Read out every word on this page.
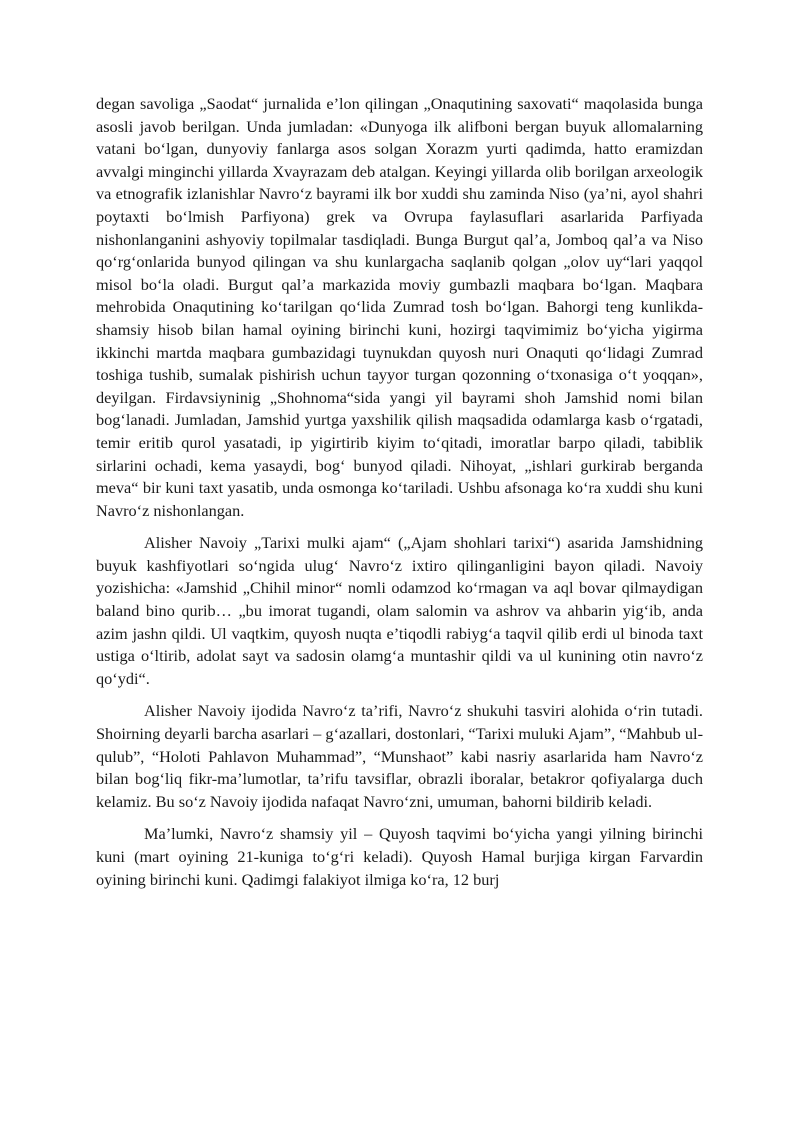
degan savoliga „Saodat“ jurnalida e’lon qilingan „Onaqutining saxovati“ maqolasida bunga asosli javob berilgan. Unda jumladan: «Dunyoga ilk alifboni bergan buyuk allomalarning vatani bo‘lgan, dunyoviy fanlarga asos solgan Xorazm yurti qadimda, hatto eramizdan avvalgi minginchi yillarda Xvayrazam deb atalgan. Keyingi yillarda olib borilgan arxeologik va etnografik izlanishlar Navro‘z bayrami ilk bor xuddi shu zaminda Niso (ya’ni, ayol shahri poytaxti bo‘lmish Parfiyona) grek va Ovrupa faylasuflari asarlarida Parfiyada nishonlanganini ashyoviy topilmalar tasdiqladi. Bunga Burgut qal’a, Jomboq qal’a va Niso qo‘rg‘onlarida bunyod qilingan va shu kunlargacha saqlanib qolgan „olov uy“lari yaqqol misol bo‘la oladi. Burgut qal’a markazida moviy gumbazli maqbara bo‘lgan. Maqbara mehrobida Onaqutining ko‘tarilgan qo‘lida Zumrad tosh bo‘lgan. Bahorgi teng kunlikda-shamsiy hisob bilan hamal oyining birinchi kuni, hozirgi taqvimimiz bo‘yicha yigirma ikkinchi martda maqbara gumbazidagi tuynukdan quyosh nuri Onaquti qo‘lidagi Zumrad toshiga tushib, sumalak pishirish uchun tayyor turgan qozonning o‘txonasiga o‘t yoqqan», deyilgan. Firdavsiyninig „Shohnoma“sida yangi yil bayrami shoh Jamshid nomi bilan bog‘lanadi. Jumladan, Jamshid yurtga yaxshilik qilish maqsadida odamlarga kasb o‘rgatadi, temir eritib qurol yasatadi, ip yigirtirib kiyim to‘qitadi, imoratlar barpo qiladi, tabiblik sirlarini ochadi, kema yasaydi, bog‘ bunyod qiladi. Nihoyat, „ishlari gurkirab berganda meva“ bir kuni taxt yasatib, unda osmonga ko‘tariladi. Ushbu afsonaga ko‘ra xuddi shu kuni Navro‘z nishonlangan.

Alisher Navoiy „Tarixi mulki ajam“ („Ajam shohlari tarixi“) asarida Jamshidning buyuk kashfiyotlari so‘ngida ulug‘ Navro‘z ixtiro qilinganligini bayon qiladi. Navoiy yozishicha: «Jamshid „Chihil minor“ nomli odamzod ko‘rmagan va aql bovar qilmaydigan baland bino qurib… „bu imorat tugandi, olam salomin va ashrov va ahbarin yig‘ib, anda azim jashn qildi. Ul vaqtkim, quyosh nuqta e’tiqodli rabiyg‘a taqvil qilib erdi ul binoda taxt ustiga o‘ltirib, adolat sayt va sadosin olamg‘a muntashir qildi va ul kunining otin navro‘z qo‘ydi“.

Alisher Navoiy ijodida Navro‘z ta’rifi, Navro‘z shukuhi tasviri alohida o‘rin tutadi. Shoirning deyarli barcha asarlari – g‘azallari, dostonlari, “Tarixi muluki Ajam”, “Mahbub ul-qulub”, “Holoti Pahlavon Muhammad”, “Munshaot” kabi nasriy asarlarida ham Navro‘z bilan bog‘liq fikr-ma’lumotlar, ta’rifu tavsiflar, obrazli iboralar, betakror qofiyalarga duch kelamiz. Bu so‘z Navoiy ijodida nafaqat Navro‘zni, umuman, bahorni bildirib keladi.

Ma’lumki, Navro‘z shamsiy yil – Quyosh taqvimi bo‘yicha yangi yilning birinchi kuni (mart oyining 21-kuniga to‘g‘ri keladi). Quyosh Hamal burjiga kirgan Farvardin oyining birinchi kuni. Qadimgi falakiyot ilmiga ko‘ra, 12 burj
